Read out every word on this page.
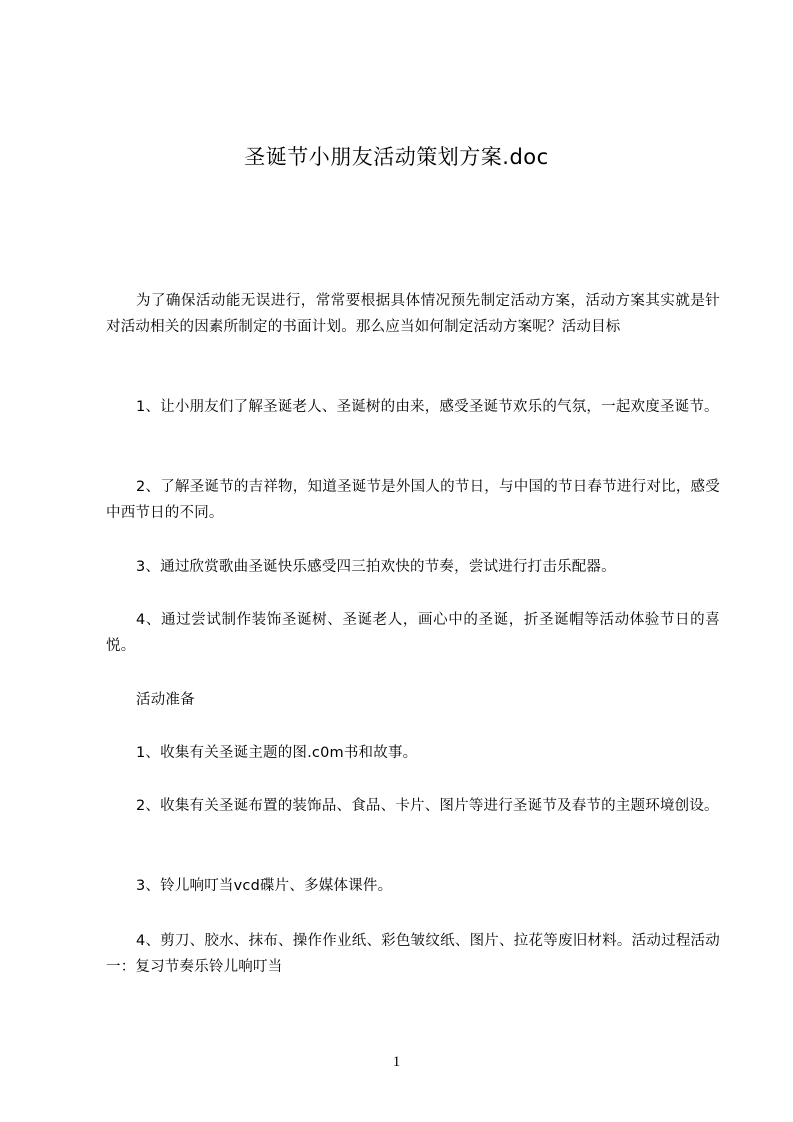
圣诞节小朋友活动策划方案.doc

为了确保活动能无误进行，常常要根据具体情况预先制定活动方案，活动方案其实就是针对活动相关的因素所制定的书面计划。那么应当如何制定活动方案呢？活动目标

1、让小朋友们了解圣诞老人、圣诞树的由来，感受圣诞节欢乐的气氛，一起欢度圣诞节。

2、了解圣诞节的吉祥物，知道圣诞节是外国人的节日，与中国的节日春节进行对比，感受中西节日的不同。

3、通过欣赏歌曲圣诞快乐感受四三拍欢快的节奏，尝试进行打击乐配器。

4、通过尝试制作装饰圣诞树、圣诞老人，画心中的圣诞，折圣诞帽等活动体验节日的喜悦。

活动准备

1、收集有关圣诞主题的图.c0m书和故事。

2、收集有关圣诞布置的装饰品、食品、卡片、图片等进行圣诞节及春节的主题环境创设。

3、铃儿响叮当vcd碟片、多媒体课件。

4、剪刀、胶水、抹布、操作作业纸、彩色皱纹纸、图片、拉花等废旧材料。活动过程活动一：复习节奏乐铃儿响叮当

1
